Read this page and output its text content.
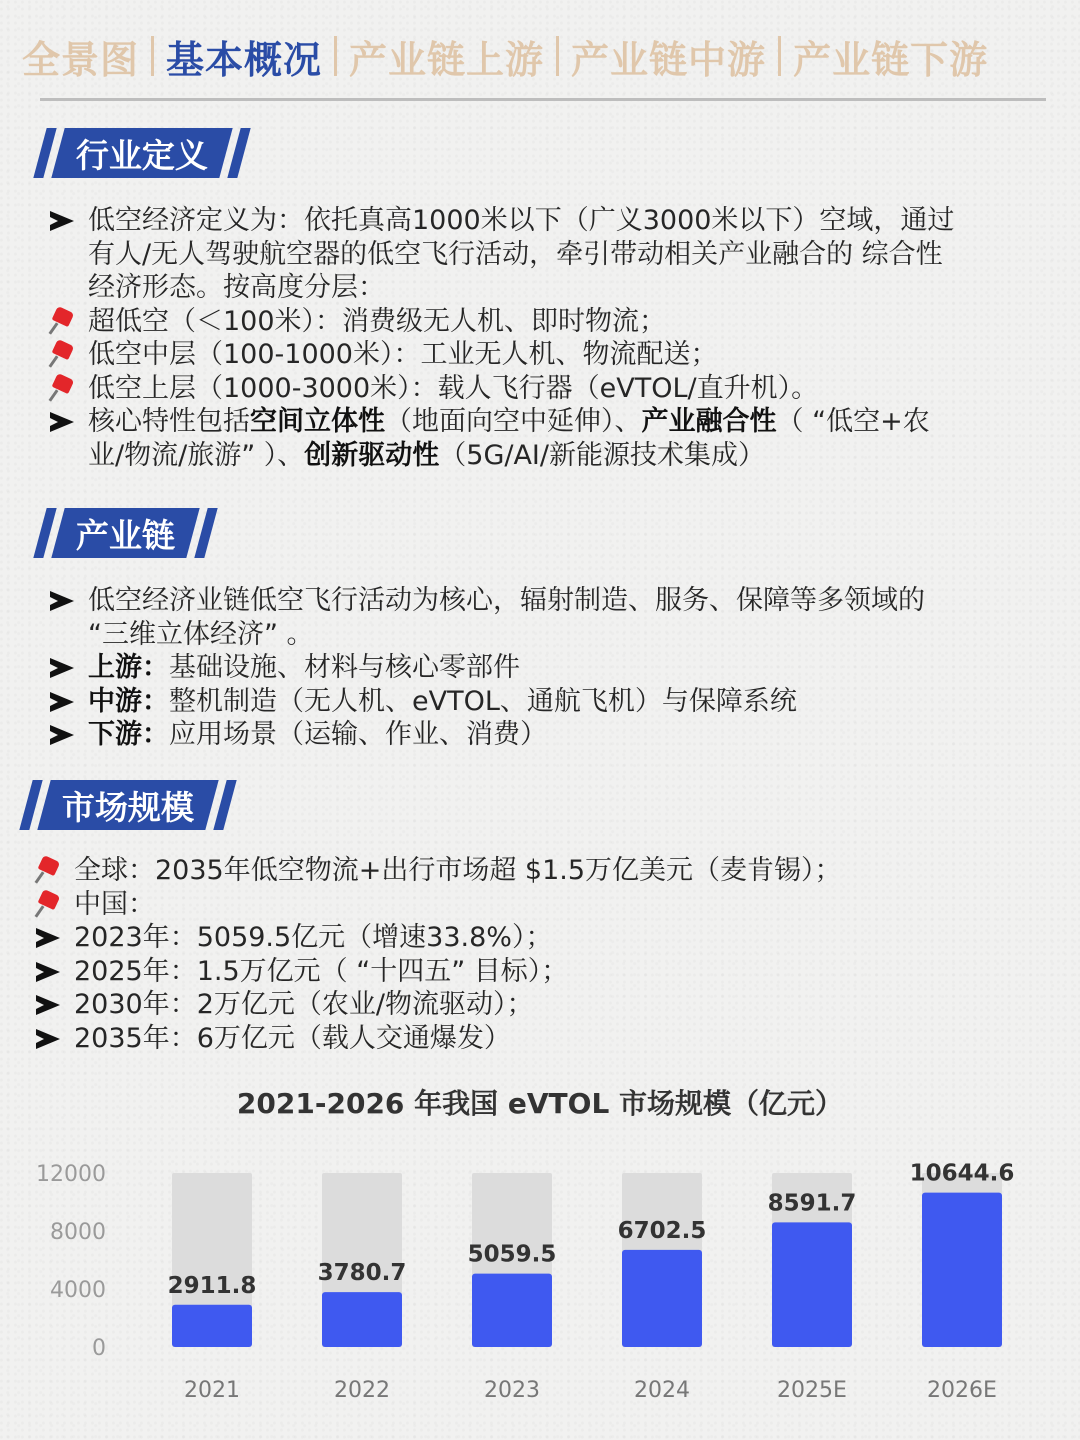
全景图 基本概况 产业链上游 产业链中游 产业链下游
行业定义
低空经济定义为：依托真高1000米以下（广义3000米以下）空域，通过
有人/无人驾驶航空器的低空飞行活动，牵引带动相关产业融合的 综合性
经济形态。按高度分层：
超低空（＜100米）：消费级无人机、即时物流；
低空中层（100-1000米）：工业无人机、物流配送；
低空上层（1000-3000米）：载人飞行器（eVTOL/直升机）。
核心特性包括空间立体性（地面向空中延伸）、产业融合性（ “低空+农
业/物流/旅游” ）、创新驱动性（5G/AI/新能源技术集成）
产业链
低空经济业链低空飞行活动为核心，辐射制造、服务、保障等多领域的
“三维立体经济” 。
上游：基础设施、材料与核心零部件
中游：整机制造（无人机、eVTOL、通航飞机）与保障系统
下游：应用场景（运输、作业、消费）
市场规模
全球：2035年低空物流+出行市场超 $1.5万亿美元（麦肯锡）；
中国：
2023年：5059.5亿元（增速33.8%）；
2025年：1.5万亿元（ “十四五” 目标）；
2030年：2万亿元（农业/物流驱动）；
2035年：6万亿元（载人交通爆发）
2021-2026 年我国 eVTOL 市场规模（亿元）
0
4000
8000
12000
2911.8
2021
3780.7
2022
5059.5
2023
6702.5
2024
8591.7
2025E
10644.6
2026E
